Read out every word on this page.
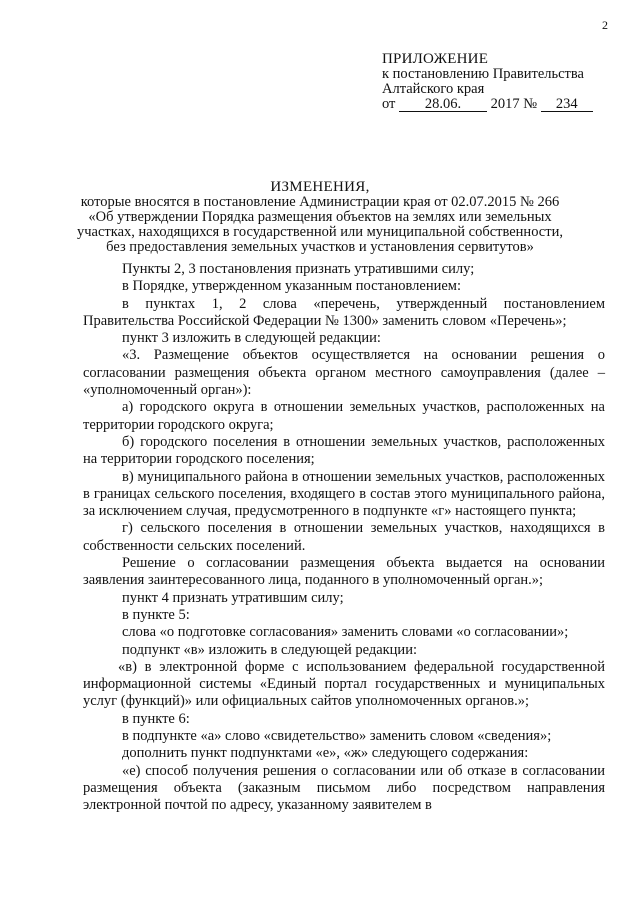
2
ПРИЛОЖЕНИЕ
к постановлению Правительства
Алтайского края
от 28.06. 2017 № 234
ИЗМЕНЕНИЯ,
которые вносятся в постановление Администрации края от 02.07.2015 № 266
«Об утверждении Порядка размещения объектов на землях или земельных
участках, находящихся в государственной или муниципальной собственности,
без предоставления земельных участков и установления сервитутов»

Пункты 2, 3 постановления признать утратившими силу;

в Порядке, утвержденном указанным постановлением:

в пунктах 1, 2 слова «перечень, утвержденный постановлением Правительства Российской Федерации № 1300» заменить словом «Перечень»;

пункт 3 изложить в следующей редакции:

«3. Размещение объектов осуществляется на основании решения о согласовании размещения объекта органом местного самоуправления (далее – «уполномоченный орган»):

а) городского округа в отношении земельных участков, расположенных на территории городского округа;

б) городского поселения в отношении земельных участков, расположенных на территории городского поселения;

в) муниципального района в отношении земельных участков, расположенных в границах сельского поселения, входящего в состав этого муниципального района, за исключением случая, предусмотренного в подпункте «г» настоящего пункта;

г) сельского поселения в отношении земельных участков, находящихся в собственности сельских поселений.

Решение о согласовании размещения объекта выдается на основании заявления заинтересованного лица, поданного в уполномоченный орган.»;

пункт 4 признать утратившим силу;

в пункте 5:

слова «о подготовке согласования» заменить словами «о согласовании»;

подпункт «в» изложить в следующей редакции:

«в) в электронной форме с использованием федеральной государственной информационной системы «Единый портал государственных и муниципальных услуг (функций)» или официальных сайтов уполномоченных органов.»;

в пункте 6:

в подпункте «а» слово «свидетельство» заменить словом «сведения»;

дополнить пункт подпунктами «е», «ж» следующего содержания:

«е) способ получения решения о согласовании или об отказе в согласовании размещения объекта (заказным письмом либо посредством направления электронной почтой по адресу, указанному заявителем в
